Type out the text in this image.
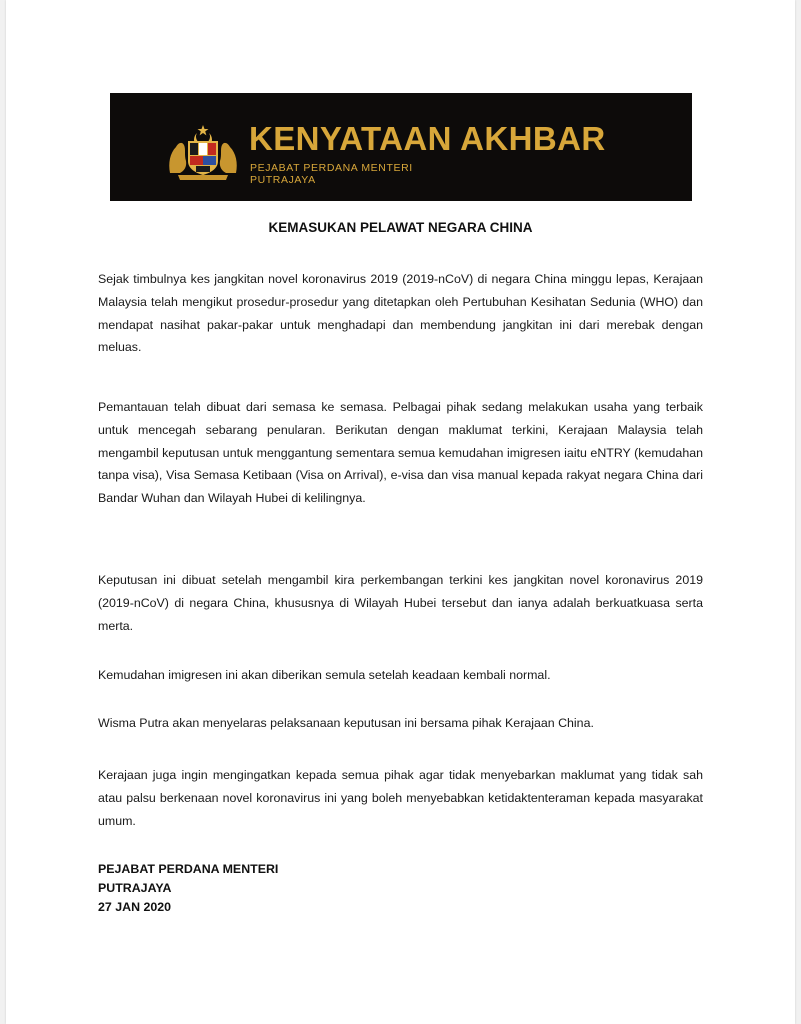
KENYATAAN AKHBAR
PEJABAT PERDANA MENTERI
PUTRAJAYA
KEMASUKAN PELAWAT NEGARA CHINA

Sejak timbulnya kes jangkitan novel koronavirus 2019 (2019-nCoV) di negara China minggu lepas, Kerajaan Malaysia telah mengikut prosedur-prosedur yang ditetapkan oleh Pertubuhan Kesihatan Sedunia (WHO) dan mendapat nasihat pakar-pakar untuk menghadapi dan membendung jangkitan ini dari merebak dengan meluas.

Pemantauan telah dibuat dari semasa ke semasa. Pelbagai pihak sedang melakukan usaha yang terbaik untuk mencegah sebarang penularan. Berikutan dengan maklumat terkini, Kerajaan Malaysia telah mengambil keputusan untuk menggantung sementara semua kemudahan imigresen iaitu eNTRY (kemudahan tanpa visa), Visa Semasa Ketibaan (Visa on Arrival), e-visa dan visa manual kepada rakyat negara China dari Bandar Wuhan dan Wilayah Hubei di kelilingnya.

Keputusan ini dibuat setelah mengambil kira perkembangan terkini kes jangkitan novel koronavirus 2019 (2019-nCoV) di negara China, khususnya di Wilayah Hubei tersebut dan ianya adalah berkuatkuasa serta merta.

Kemudahan imigresen ini akan diberikan semula setelah keadaan kembali normal.

Wisma Putra akan menyelaras pelaksanaan keputusan ini bersama pihak Kerajaan China.

Kerajaan juga ingin mengingatkan kepada semua pihak agar tidak menyebarkan maklumat yang tidak sah atau palsu berkenaan novel koronavirus ini yang boleh menyebabkan ketidaktenteraman kepada masyarakat umum.

PEJABAT PERDANA MENTERI
PUTRAJAYA
27 JAN 2020
